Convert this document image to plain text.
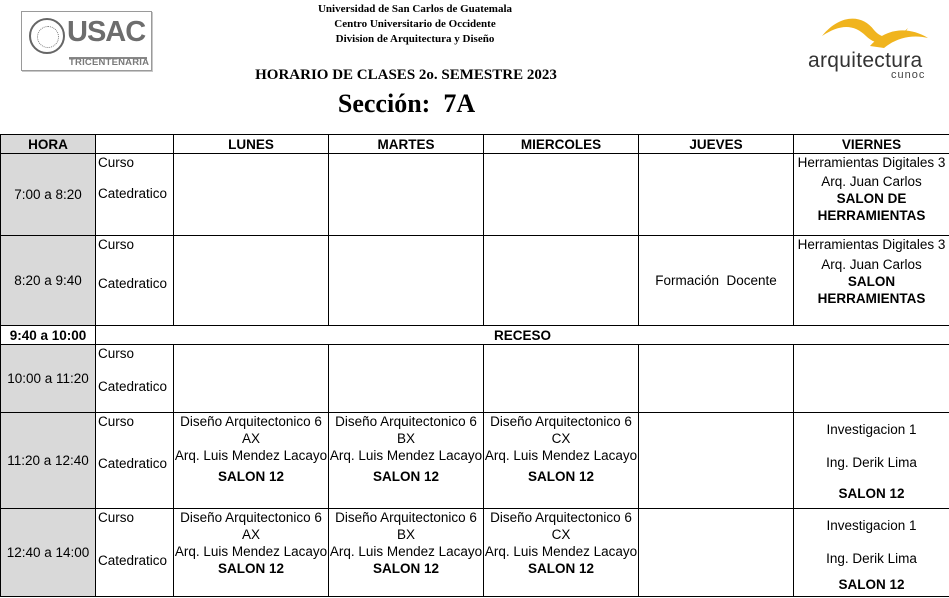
USAC
TRICENTENARIA
Universidad de San Carlos de Guatemala
Centro Universitario de Occidente
Division de Arquitectura y Diseño
arquitectura
cunoc
HORARIO DE CLASES 2o. SEMESTRE 2023
Sección: 7A
HORA		LUNES	MARTES	MIERCOLES	JUEVES	VIERNES
7:00 a 8:20	Curso
Catedratico					Herramientas Digitales 3
Arq. Juan Carlos
SALON DE HERRAMIENTAS

8:20 a 9:40	Curso
Catedratico				Formación  Docente	Herramientas Digitales 3
Arq. Juan Carlos
SALON HERRAMIENTAS

9:40 a 10:00	RECESO					
10:00 a 11:20	Curso
Catedratico					

11:20 a 12:40	Curso
Catedratico	Diseño Arquitectonico 6 AX
Arq. Luis Mendez Lacayo
SALON 12	Diseño Arquitectonico 6 BX
Arq. Luis Mendez Lacayo
SALON 12	Diseño Arquitectonico 6 CX
Arq. Luis Mendez Lacayo
SALON 12		Investigacion 1
Ing. Derik Lima
SALON 12

12:40 a 14:00	Curso
Catedratico	Diseño Arquitectonico 6 AX
Arq. Luis Mendez Lacayo
SALON 12	Diseño Arquitectonico 6 BX
Arq. Luis Mendez Lacayo
SALON 12	Diseño Arquitectonico 6 CX
Arq. Luis Mendez Lacayo
SALON 12		Investigacion 1
Ing. Derik Lima
SALON 12
